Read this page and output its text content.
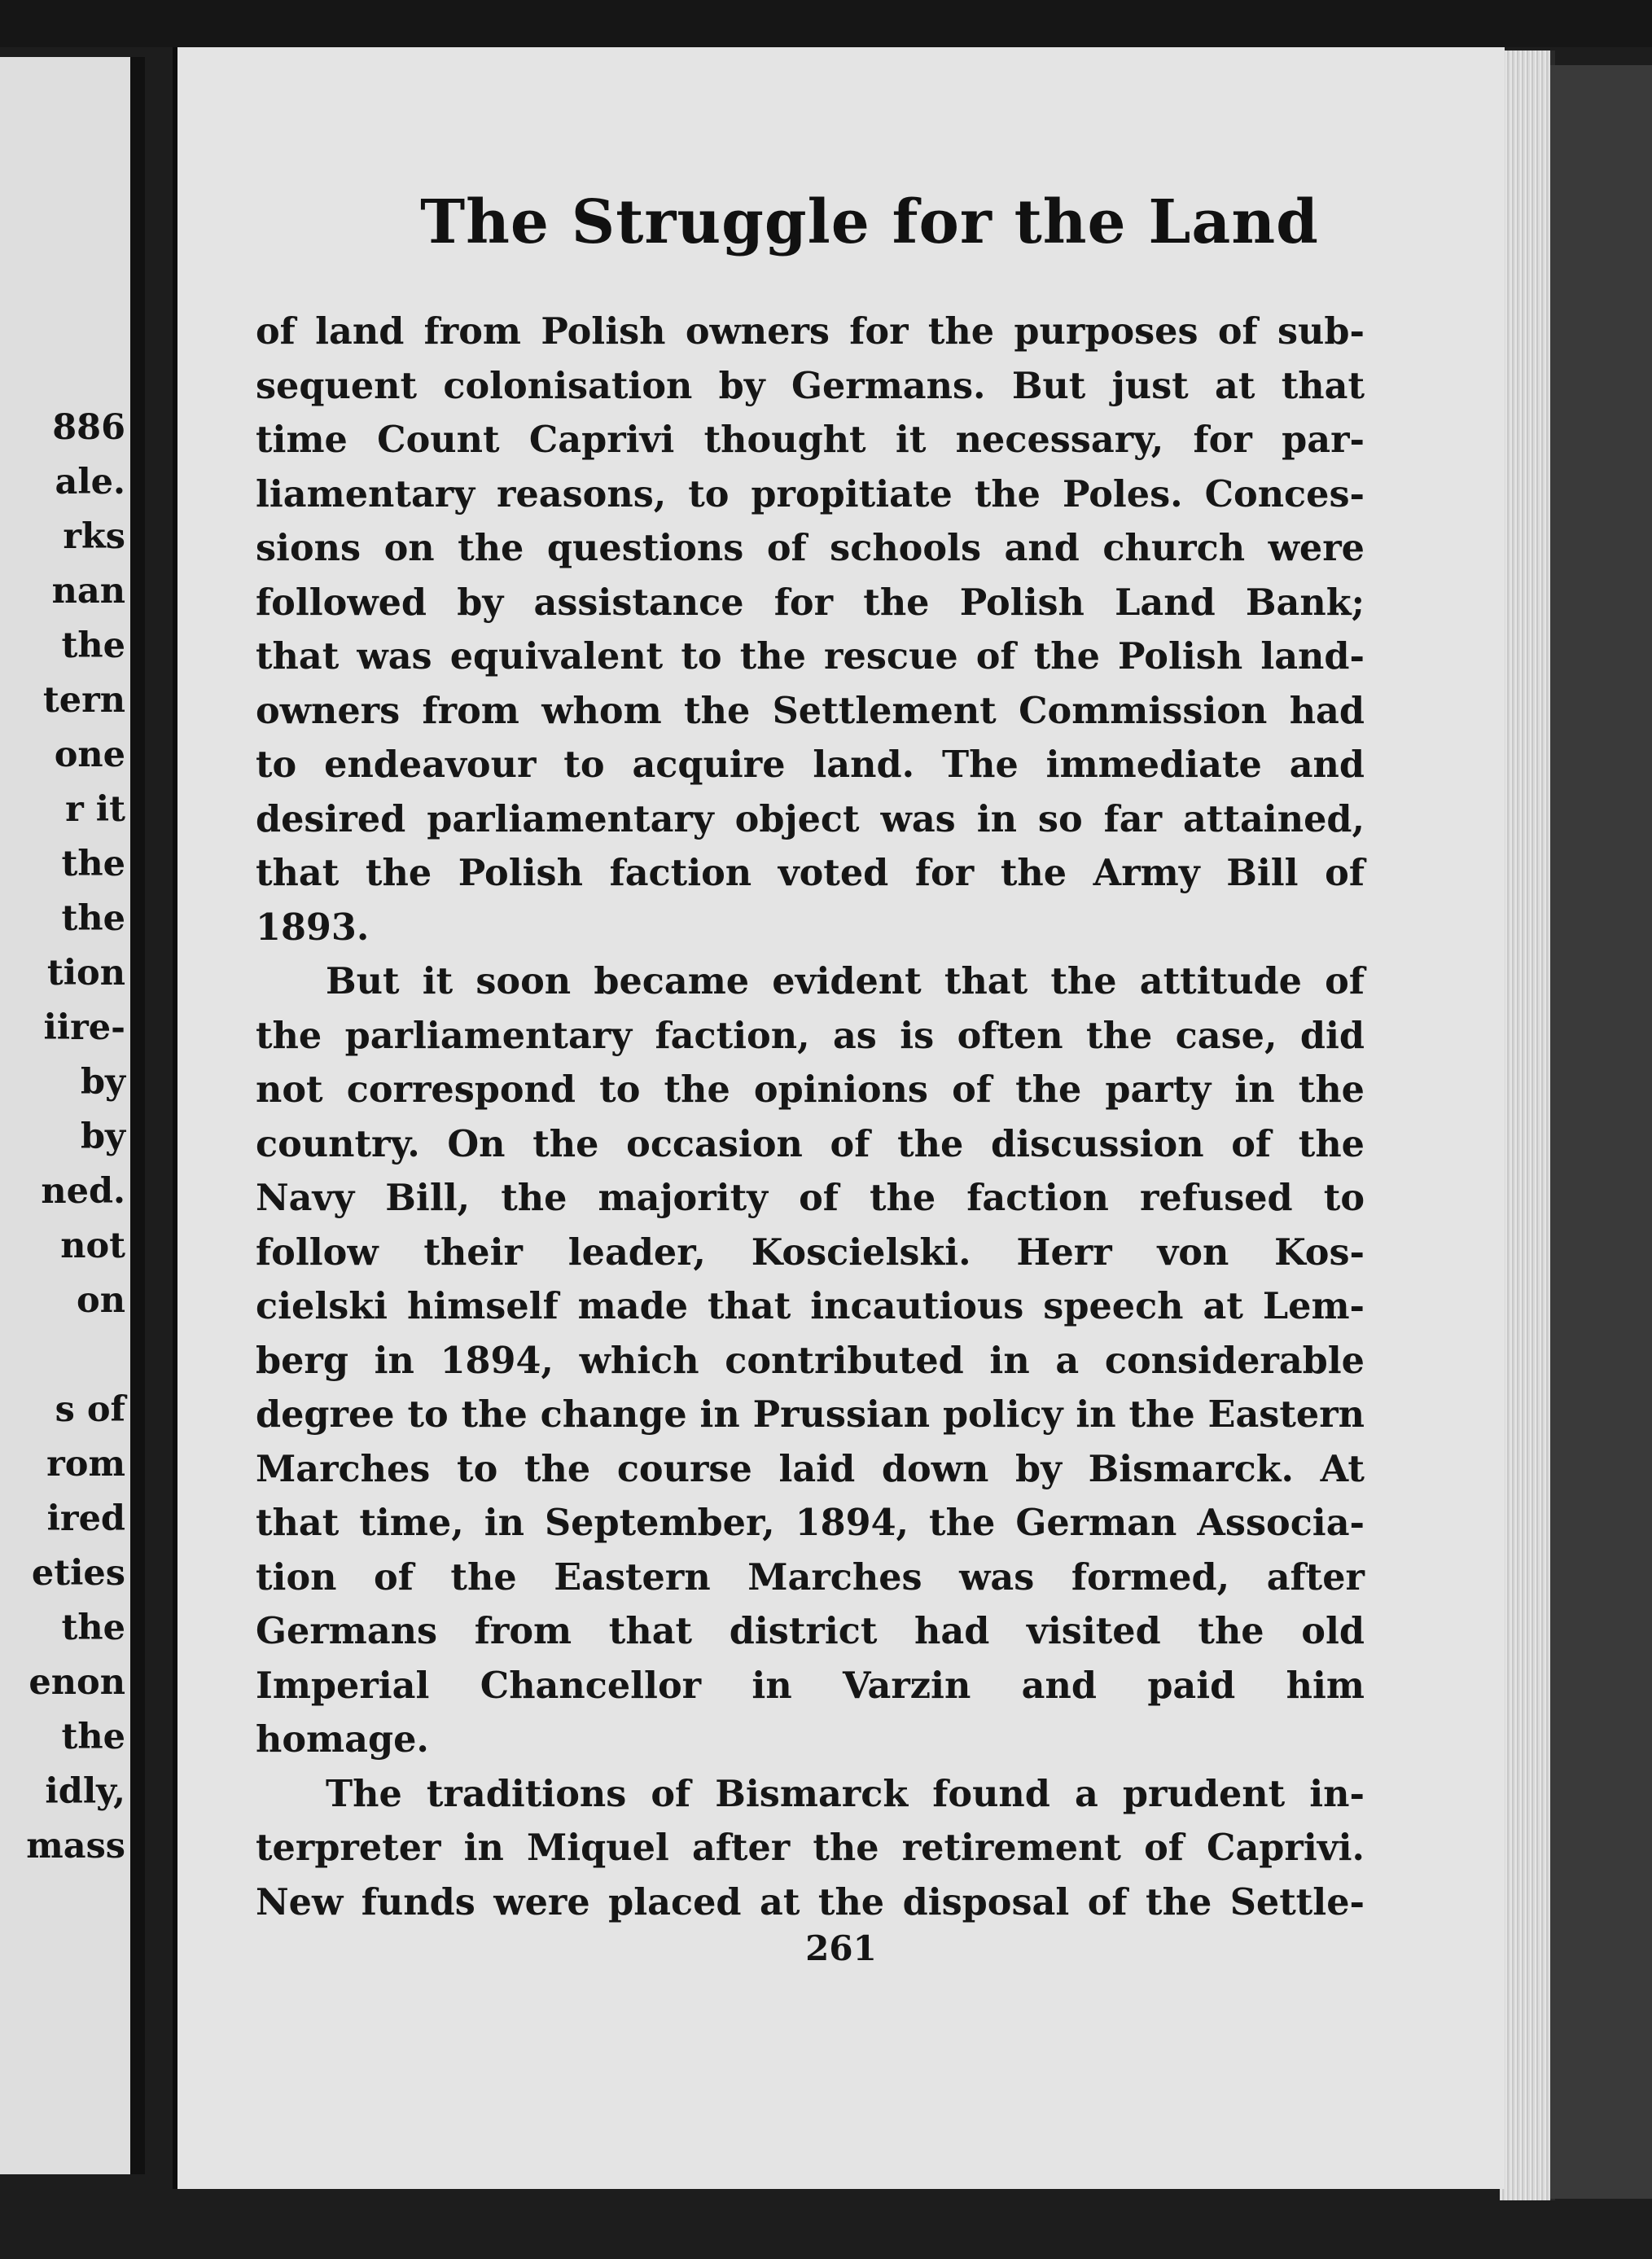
886
ale.
rks
nan
the
tern
one
r it
the
the
tion
iire-
by
by
ned.
not
on
s of
rom
ired
eties
the
enon
the
idly,
mass
The Struggle for the Land
of land from Polish owners for the purposes of sub-
sequent colonisation by Germans. But just at that
time Count Caprivi thought it necessary, for par-
liamentary reasons, to propitiate the Poles. Conces-
sions on the questions of schools and church were
followed by assistance for the Polish Land Bank;
that was equivalent to the rescue of the Polish land-
owners from whom the Settlement Commission had
to endeavour to acquire land. The immediate and
desired parliamentary object was in so far attained,
that the Polish faction voted for the Army Bill of
1893.
But it soon became evident that the attitude of
the parliamentary faction, as is often the case, did
not correspond to the opinions of the party in the
country. On the occasion of the discussion of the
Navy Bill, the majority of the faction refused to
follow their leader, Koscielski. Herr von Kos-
cielski himself made that incautious speech at Lem-
berg in 1894, which contributed in a considerable
degree to the change in Prussian policy in the Eastern
Marches to the course laid down by Bismarck. At
that time, in September, 1894, the German Associa-
tion of the Eastern Marches was formed, after
Germans from that district had visited the old
Imperial Chancellor in Varzin and paid him
homage.
The traditions of Bismarck found a prudent in-
terpreter in Miquel after the retirement of Caprivi.
New funds were placed at the disposal of the Settle-
261
